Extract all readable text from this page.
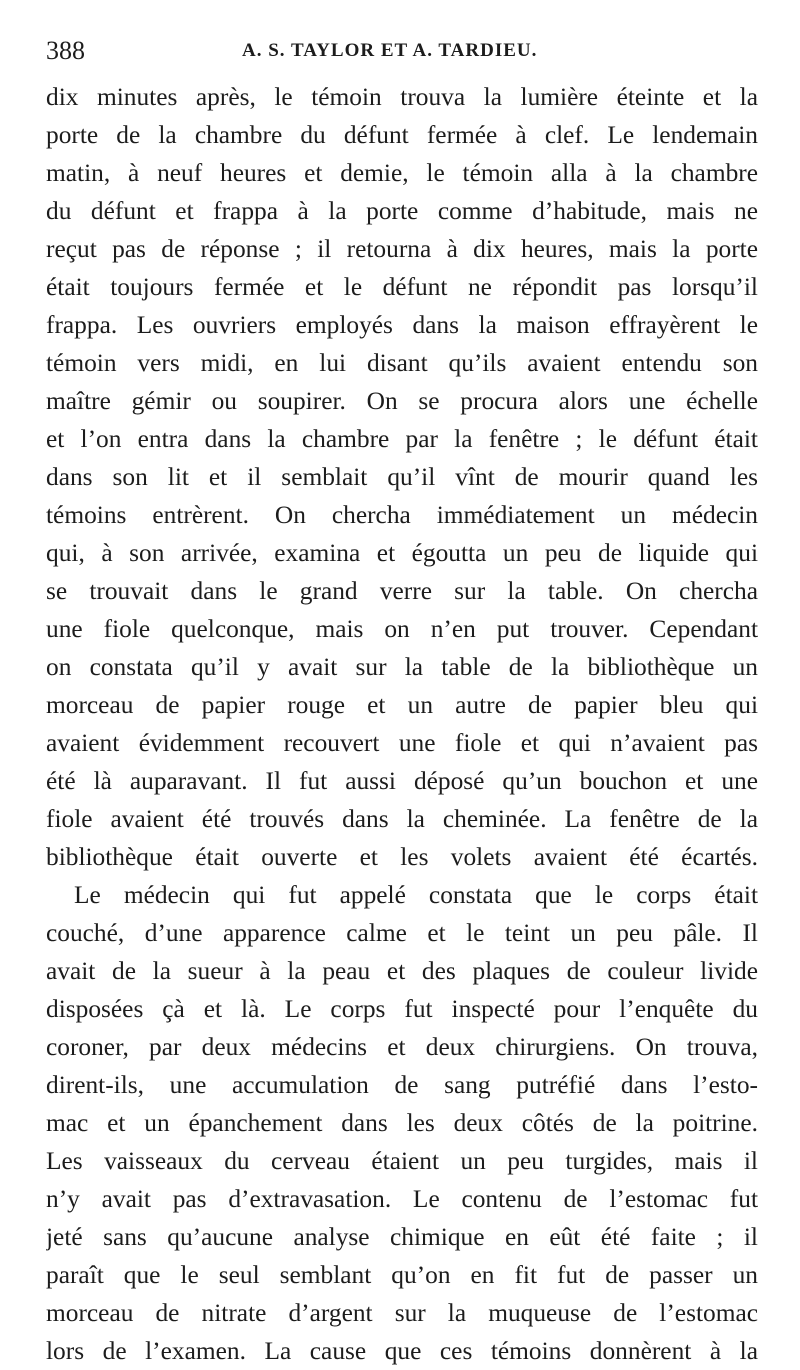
388	A. S. TAYLOR ET A. TARDIEU.
dix minutes après, le témoin trouva la lumière éteinte et la
porte de la chambre du défunt fermée à clef. Le lendemain
matin, à neuf heures et demie, le témoin alla à la chambre
du défunt et frappa à la porte comme d’habitude, mais ne
reçut pas de réponse ; il retourna à dix heures, mais la porte
était toujours fermée et le défunt ne répondit pas lorsqu’il
frappa. Les ouvriers employés dans la maison effrayèrent le
témoin vers midi, en lui disant qu’ils avaient entendu son
maître gémir ou soupirer. On se procura alors une échelle
et l’on entra dans la chambre par la fenêtre ; le défunt était
dans son lit et il semblait qu’il vînt de mourir quand les
témoins entrèrent. On chercha immédiatement un médecin
qui, à son arrivée, examina et égoutta un peu de liquide qui
se trouvait dans le grand verre sur la table. On chercha
une fiole quelconque, mais on n’en put trouver. Cependant
on constata qu’il y avait sur la table de la bibliothèque un
morceau de papier rouge et un autre de papier bleu qui
avaient évidemment recouvert une fiole et qui n’avaient pas
été là auparavant. Il fut aussi déposé qu’un bouchon et une
fiole avaient été trouvés dans la cheminée. La fenêtre de la
bibliothèque était ouverte et les volets avaient été écartés.
Le médecin qui fut appelé constata que le corps était
couché, d’une apparence calme et le teint un peu pâle. Il
avait de la sueur à la peau et des plaques de couleur livide
disposées çà et là. Le corps fut inspecté pour l’enquête du
coroner, par deux médecins et deux chirurgiens. On trouva,
dirent-ils, une accumulation de sang putréfié dans l’esto-
mac et un épanchement dans les deux côtés de la poitrine.
Les vaisseaux du cerveau étaient un peu turgides, mais il
n’y avait pas d’extravasation. Le contenu de l’estomac fut
jeté sans qu’aucune analyse chimique en eût été faite ; il
paraît que le seul semblant qu’on en fit fut de passer un
morceau de nitrate d’argent sur la muqueuse de l’estomac
lors de l’examen. La cause que ces témoins donnèrent à la
